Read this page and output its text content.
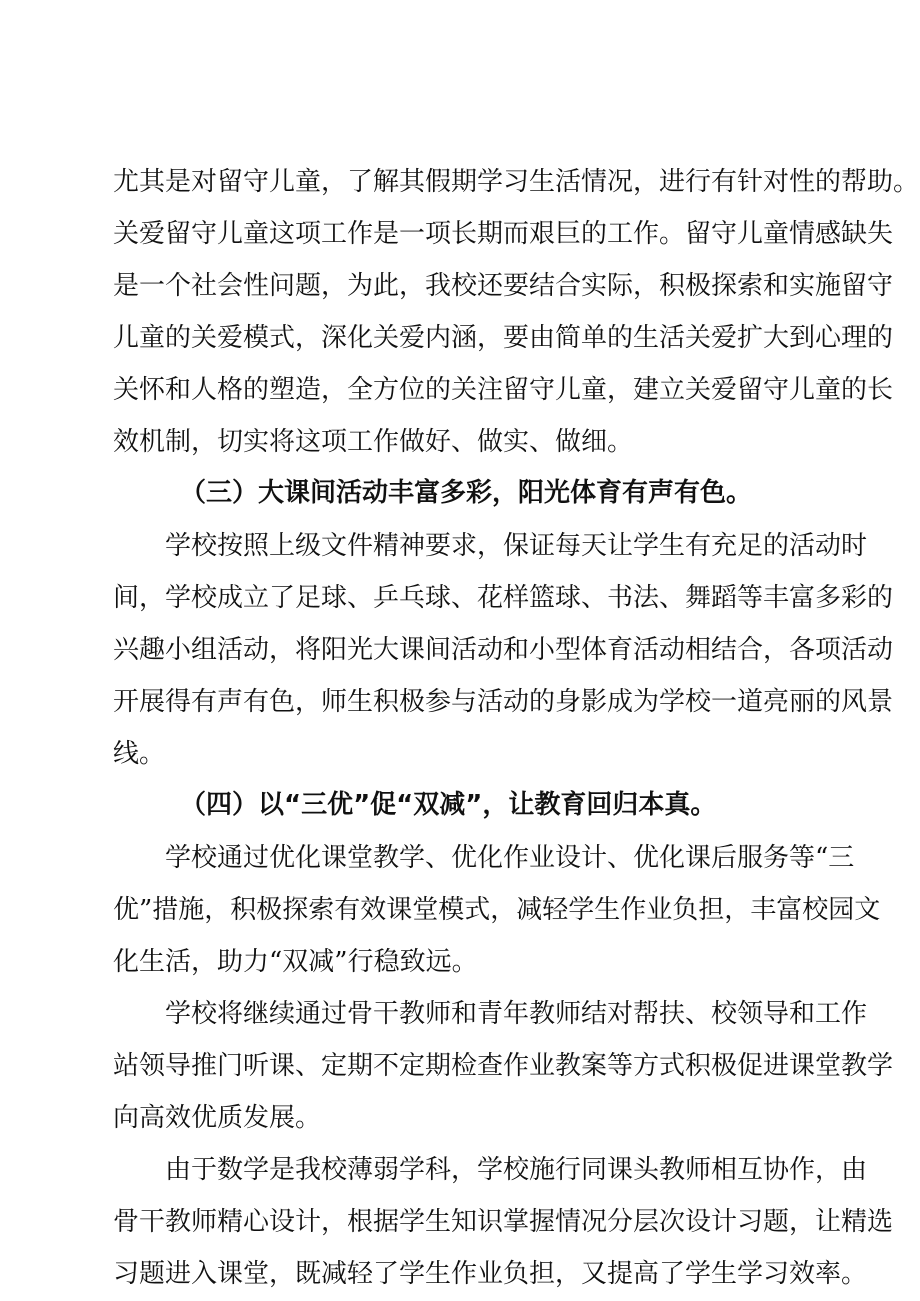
尤其是对留守儿童，了解其假期学习生活情况，进行有针对性的帮助。
关爱留守儿童这项工作是一项长期而艰巨的工作。留守儿童情感缺失
是一个社会性问题，为此，我校还要结合实际，积极探索和实施留守
儿童的关爱模式，深化关爱内涵，要由简单的生活关爱扩大到心理的
关怀和人格的塑造，全方位的关注留守儿童，建立关爱留守儿童的长
效机制，切实将这项工作做好、做实、做细。
（三）大课间活动丰富多彩，阳光体育有声有色。
学校按照上级文件精神要求，保证每天让学生有充足的活动时
间，学校成立了足球、乒乓球、花样篮球、书法、舞蹈等丰富多彩的
兴趣小组活动，将阳光大课间活动和小型体育活动相结合，各项活动
开展得有声有色，师生积极参与活动的身影成为学校一道亮丽的风景
线。
（四）以“三优”促“双减”，让教育回归本真。
学校通过优化课堂教学、优化作业设计、优化课后服务等“三
优”措施，积极探索有效课堂模式，减轻学生作业负担，丰富校园文
化生活，助力“双减”行稳致远。
学校将继续通过骨干教师和青年教师结对帮扶、校领导和工作
站领导推门听课、定期不定期检查作业教案等方式积极促进课堂教学
向高效优质发展。
由于数学是我校薄弱学科，学校施行同课头教师相互协作，由
骨干教师精心设计，根据学生知识掌握情况分层次设计习题，让精选
习题进入课堂，既减轻了学生作业负担，又提高了学生学习效率。
